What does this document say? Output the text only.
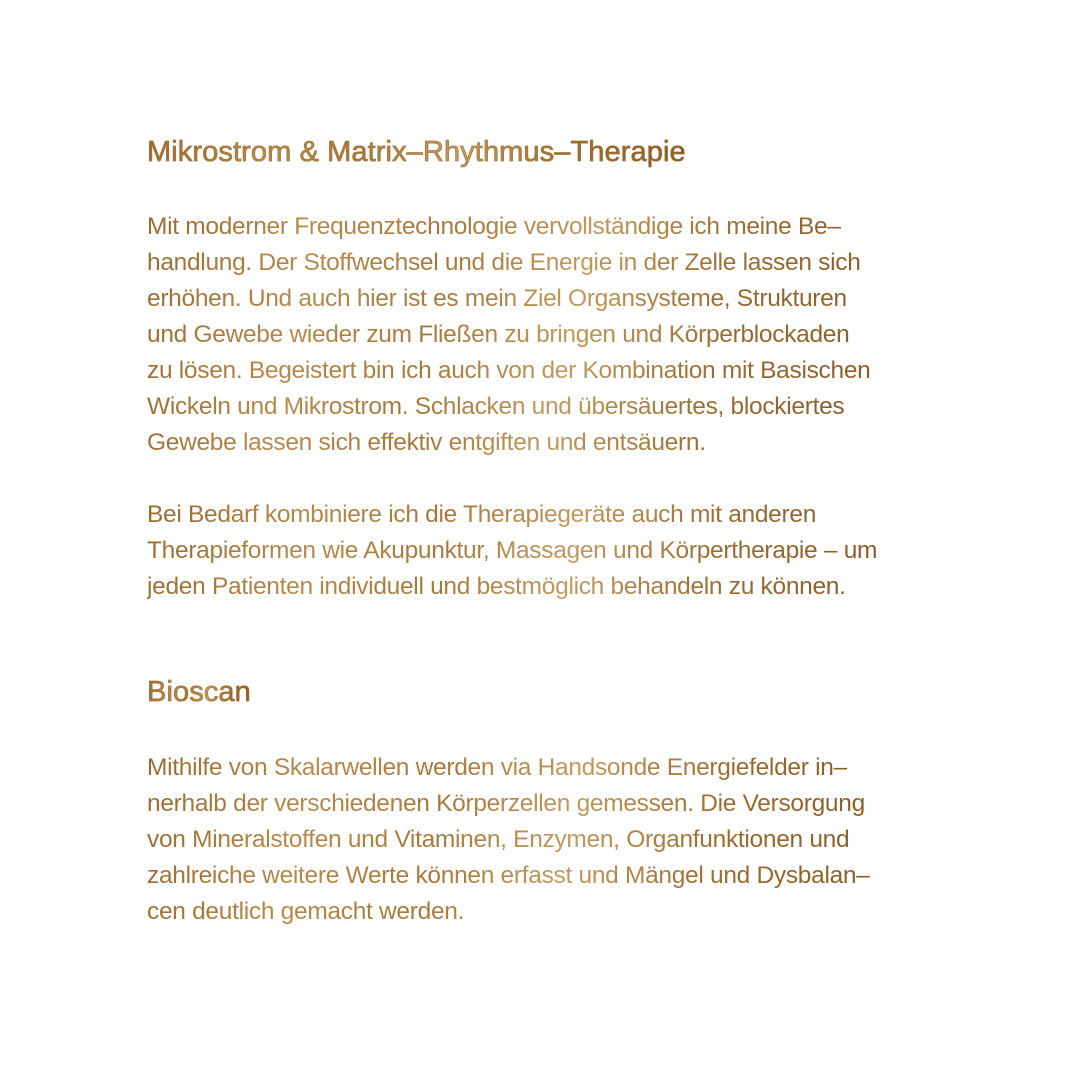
Mikrostrom & Matrix–Rhythmus–Therapie

Mit moderner Frequenztechnologie vervollständige ich meine Be–
handlung. Der Stoffwechsel und die Energie in der Zelle lassen sich
erhöhen. Und auch hier ist es mein Ziel Organsysteme, Strukturen
und Gewebe wieder zum Fließen zu bringen und Körperblockaden
zu lösen. Begeistert bin ich auch von der Kombination mit Basischen
Wickeln und Mikrostrom. Schlacken und übersäuertes, blockiertes
Gewebe lassen sich effektiv entgiften und entsäuern.

Bei Bedarf kombiniere ich die Therapiegeräte auch mit anderen
Therapieformen wie Akupunktur, Massagen und Körpertherapie – um
jeden Patienten individuell und bestmöglich behandeln zu können.

Bioscan

Mithilfe von Skalarwellen werden via Handsonde Energiefelder in–
nerhalb der verschiedenen Körperzellen gemessen. Die Versorgung
von Mineralstoffen und Vitaminen, Enzymen, Organfunktionen und
zahlreiche weitere Werte können erfasst und Mängel und Dysbalan–
cen deutlich gemacht werden.
